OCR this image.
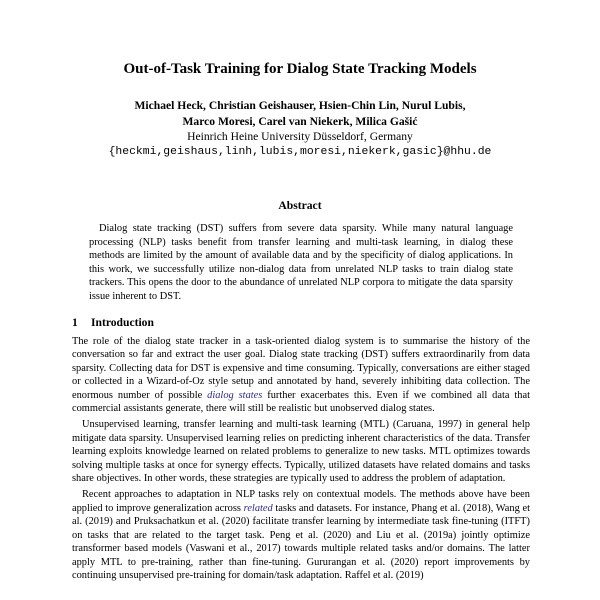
Out-of-Task Training for Dialog State Tracking Models
Michael Heck, Christian Geishauser, Hsien-Chin Lin, Nurul Lubis,
Marco Moresi, Carel van Niekerk, Milica Gašić
Heinrich Heine University Düsseldorf, Germany
{heckmi,geishaus,linh,lubis,moresi,niekerk,gasic}@hhu.de
Abstract
Dialog state tracking (DST) suffers from severe data sparsity. While many natural language processing (NLP) tasks benefit from transfer learning and multi-task learning, in dialog these methods are limited by the amount of available data and by the specificity of dialog applications. In this work, we successfully utilize non-dialog data from unrelated NLP tasks to train dialog state trackers. This opens the door to the abundance of unrelated NLP corpora to mitigate the data sparsity issue inherent to DST.
1 Introduction

The role of the dialog state tracker in a task-oriented dialog system is to summarise the history of the conversation so far and extract the user goal. Dialog state tracking (DST) suffers extraordinarily from data sparsity. Collecting data for DST is expensive and time consuming. Typically, conversations are either staged or collected in a Wizard-of-Oz style setup and annotated by hand, severely inhibiting data collection. The enormous number of possible dialog states further exacerbates this. Even if we combined all data that commercial assistants generate, there will still be realistic but unobserved dialog states.

Unsupervised learning, transfer learning and multi-task learning (MTL) (Caruana, 1997) in general help mitigate data sparsity. Unsupervised learning relies on predicting inherent characteristics of the data. Transfer learning exploits knowledge learned on related problems to generalize to new tasks. MTL optimizes towards solving multiple tasks at once for synergy effects. Typically, utilized datasets have related domains and tasks share objectives. In other words, these strategies are typically used to address the problem of adaptation.

Recent approaches to adaptation in NLP tasks rely on contextual models. The methods above have been applied to improve generalization across related tasks and datasets. For instance, Phang et al. (2018), Wang et al. (2019) and Pruksachatkun et al. (2020) facilitate transfer learning by intermediate task fine-tuning (ITFT) on tasks that are related to the target task. Peng et al. (2020) and Liu et al. (2019a) jointly optimize transformer based models (Vaswani et al., 2017) towards multiple related tasks and/or domains. The latter apply MTL to pre-training, rather than fine-tuning. Gururangan et al. (2020) report improvements by continuing unsupervised pre-training for domain/task adaptation. Raffel et al. (2019)
